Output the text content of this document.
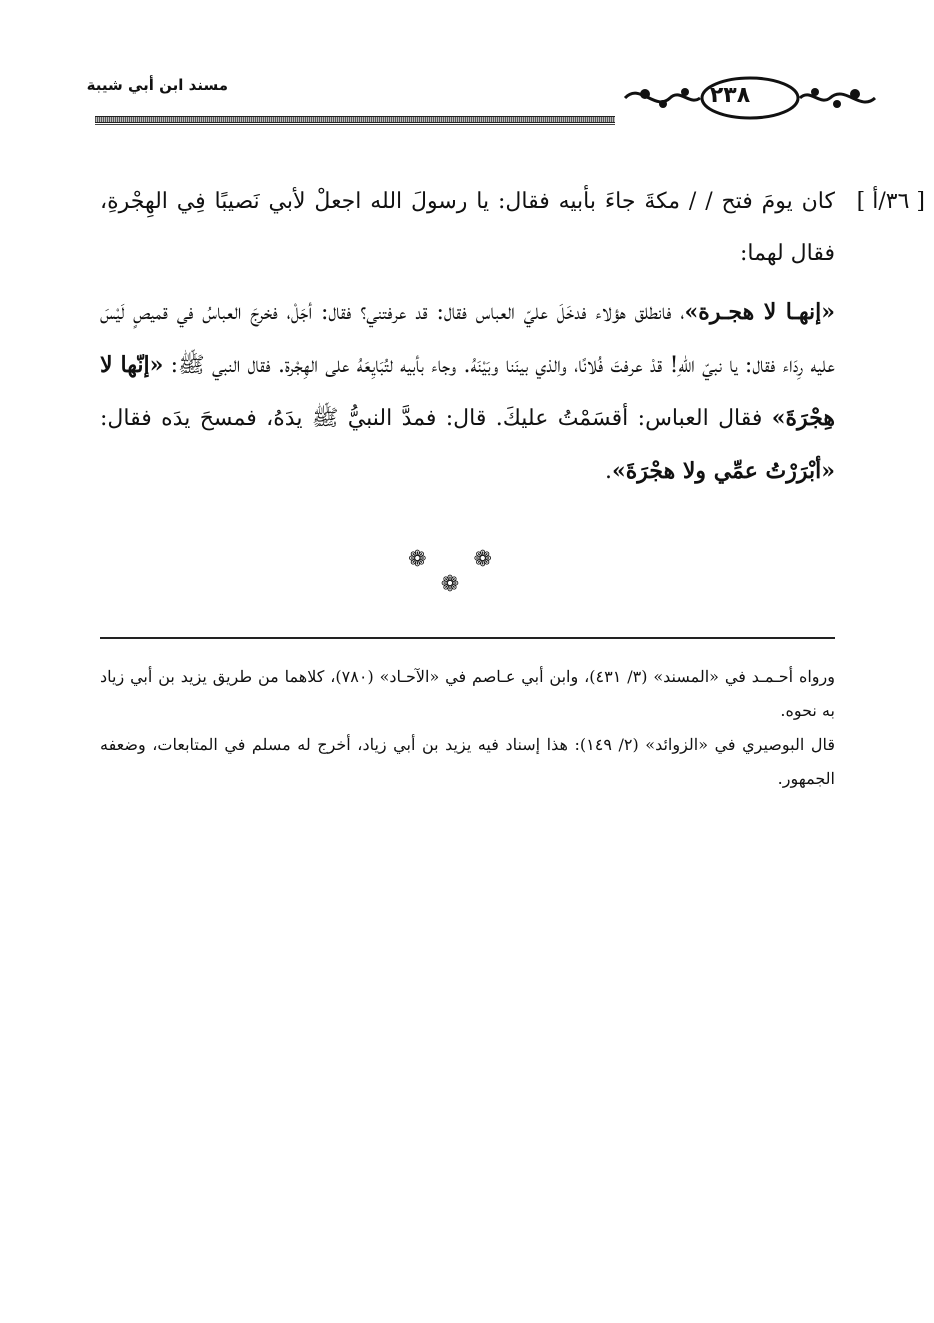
مسند ابن أبي شيبة	٢٣٨
[ ٣٦/أ ]

كان يومَ فتح / / مكةَ جاءَ بأبيه فقال: يا رسولَ الله اجعلْ لأبي نَصيبًا فِي الهِجْرةِ، فقال لهما:

«إنهـا لا هجـرة»، فانطلق هؤلاء فدخَلَ عليّ العباس فقال: قد عرفتني؟ فقال: أجَلْ، فخرجَ العباسُ في قميصٍ لَيْسَ عليه رِدَاء فقال: يا نبيّ اللهِ! قدْ عرفتَ فُلانًا، والذي بينَنا وبَيْنَهُ. وجاء بأبيه لتُبَايِعَهُ على الهِجْرة. فقال النبي ﷺ: «إنّها لا هِجْرَةَ» فقال العباس: أقسَمْتُ عليكَ. قال: فمدَّ النبيُّ ﷺ يدَهُ، فمسحَ يدَه فقال: «أبْرَرْتُ عمِّي ولا هجْرَةَ».

❁ ❁ ❁

ورواه أحـمـد في «المسند» (٣/ ٤٣١)، وابن أبي عـاصم في «الآحـاد» (٧٨٠)، كلاهما من طريق يزيد بن أبي زياد به نحوه.

قال البوصيري في «الزوائد» (٢/ ١٤٩): هذا إسناد فيه يزيد بن أبي زياد، أخرج له مسلم في المتابعات، وضعفه الجمهور.
